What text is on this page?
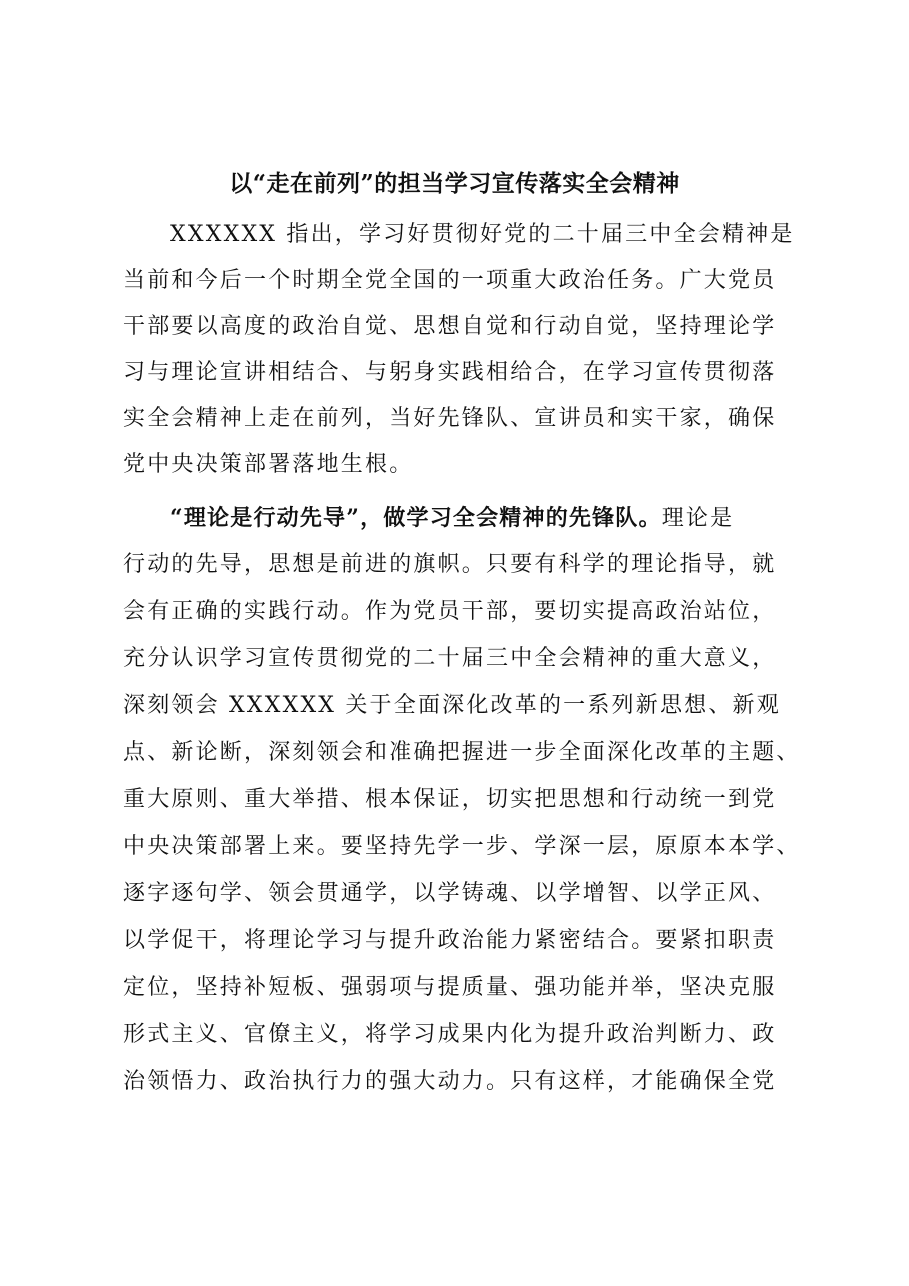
以“走在前列”的担当学习宣传落实全会精神
XXXXXX 指出，学习好贯彻好党的二十届三中全会精神是
当前和今后一个时期全党全国的一项重大政治任务。广大党员
干部要以高度的政治自觉、思想自觉和行动自觉，坚持理论学
习与理论宣讲相结合、与躬身实践相给合，在学习宣传贯彻落
实全会精神上走在前列，当好先锋队、宣讲员和实干家，确保
党中央决策部署落地生根。
“理论是行动先导”，做学习全会精神的先锋队。理论是
行动的先导，思想是前进的旗帜。只要有科学的理论指导，就
会有正确的实践行动。作为党员干部，要切实提高政治站位，
充分认识学习宣传贯彻党的二十届三中全会精神的重大意义，
深刻领会 XXXXXX 关于全面深化改革的一系列新思想、新观
点、新论断，深刻领会和准确把握进一步全面深化改革的主题、
重大原则、重大举措、根本保证，切实把思想和行动统一到党
中央决策部署上来。要坚持先学一步、学深一层，原原本本学、
逐字逐句学、领会贯通学，以学铸魂、以学增智、以学正风、
以学促干，将理论学习与提升政治能力紧密结合。要紧扣职责
定位，坚持补短板、强弱项与提质量、强功能并举，坚决克服
形式主义、官僚主义，将学习成果内化为提升政治判断力、政
治领悟力、政治执行力的强大动力。只有这样，才能确保全党
